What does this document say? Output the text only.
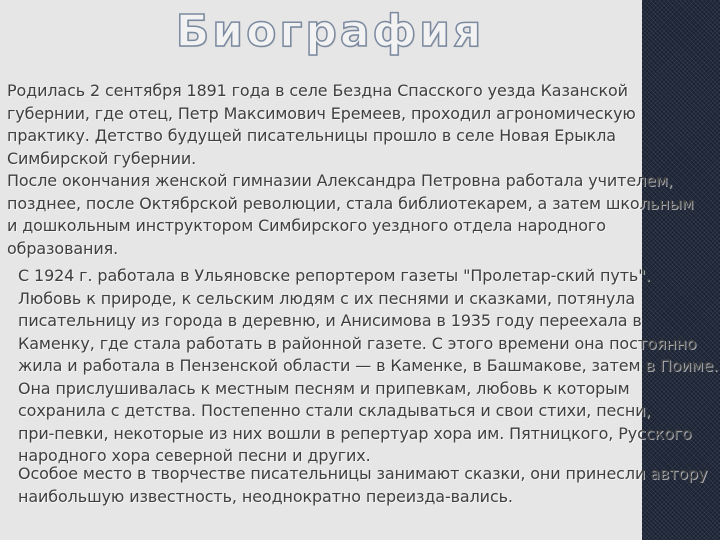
Биография

Родилась 2 сентября 1891 года в селе Бездна Спасского уезда Казанской
губернии, где отец, Петр Максимович Еремеев, проходил агрономическую
практику. Детство будущей писательницы прошло в селе Новая Ерыкла
Симбирской губернии.

После окончания женской гимназии Александра Петровна работала учителем,
позднее, после Октябрской революции, стала библиотекарем, а затем школьным
и дошкольным инструктором Симбирского уездного отдела народного
образования.

С 1924 г. работала в Ульяновске репортером газеты "Пролетар-ский путь".
Любовь к природе, к сельским людям с их песнями и сказками, потянула
писательницу из города в деревню, и Анисимова в 1935 году переехала в
Каменку, где стала работать в районной газете. С этого времени она постоянно
жила и работала в Пензенской области — в Каменке, в Башмакове, затем в Поиме.
Она прислушивалась к местным песням и припевкам, любовь к которым
сохранила с детства. Постепенно стали складываться и свои стихи, песни,
при-певки, некоторые из них вошли в репертуар хора им. Пятницкого, Русского
народного хора северной песни и других.

Особое место в творчестве писательницы занимают сказки, они принесли автору
наибольшую известность, неоднократно переизда-вались.
